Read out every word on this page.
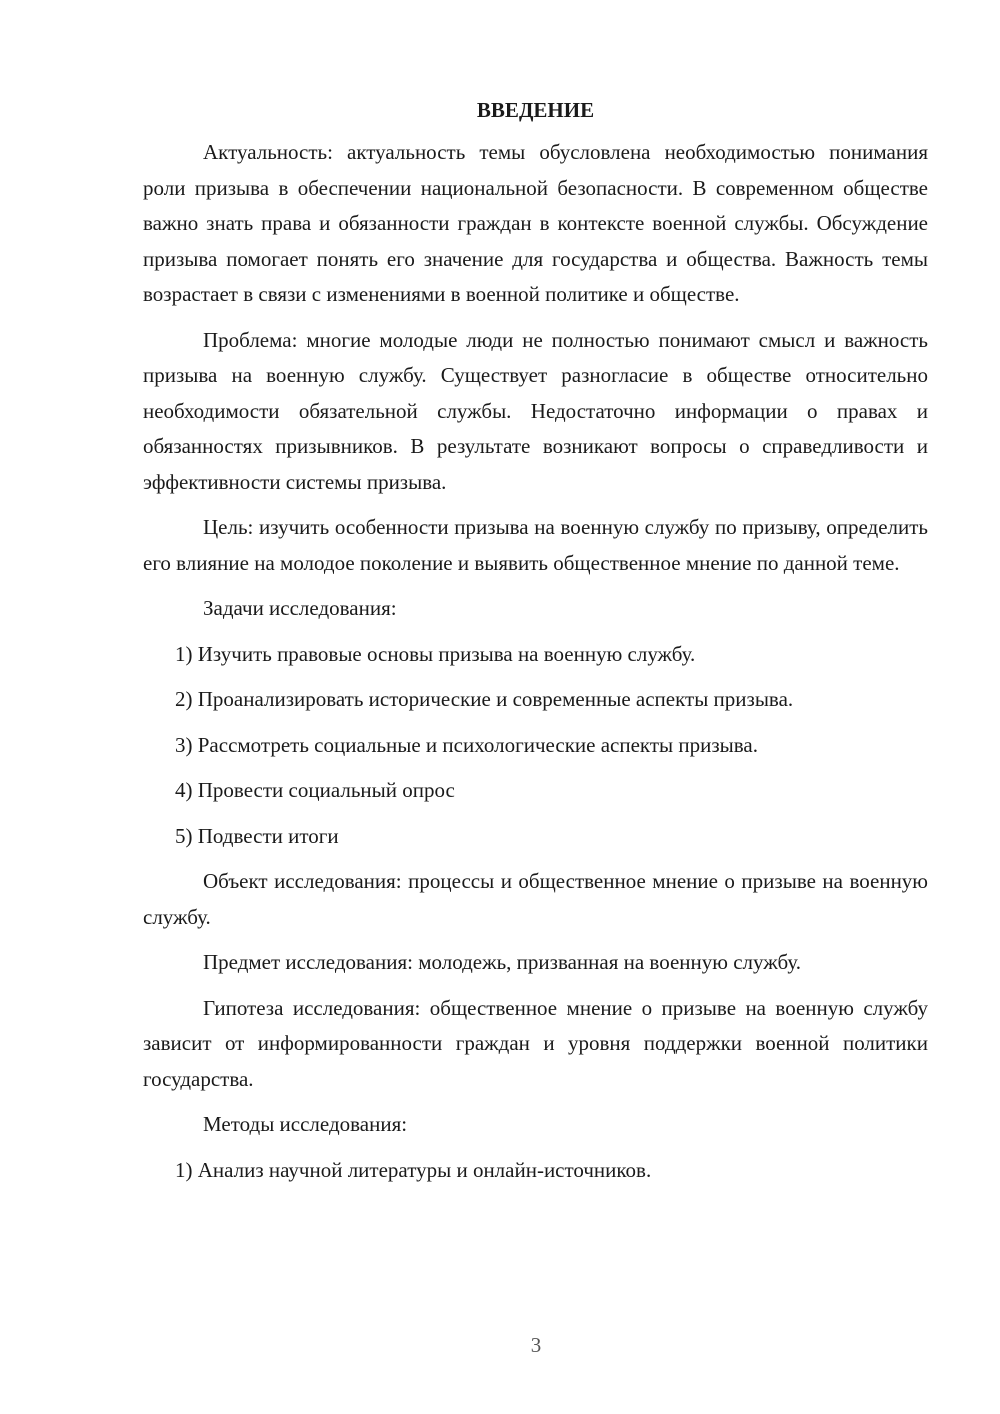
ВВЕДЕНИЕ
Актуальность: актуальность темы обусловлена необходимостью понимания роли призыва в обеспечении национальной безопасности. В современном обществе важно знать права и обязанности граждан в контексте военной службы. Обсуждение призыва помогает понять его значение для государства и общества. Важность темы возрастает в связи с изменениями в военной политике и обществе.
Проблема: многие молодые люди не полностью понимают смысл и важность призыва на военную службу. Существует разногласие в обществе относительно необходимости обязательной службы. Недостаточно информации о правах и обязанностях призывников. В результате возникают вопросы о справедливости и эффективности системы призыва.
Цель: изучить особенности призыва на военную службу по призыву, определить его влияние на молодое поколение и выявить общественное мнение по данной теме.
Задачи исследования:
1) Изучить правовые основы призыва на военную службу.
2) Проанализировать исторические и современные аспекты призыва.
3) Рассмотреть социальные и психологические аспекты призыва.
4) Провести социальный опрос
5) Подвести итоги
Объект исследования: процессы и общественное мнение о призыве на военную службу.
Предмет исследования: молодежь, призванная на военную службу.
Гипотеза исследования: общественное мнение о призыве на военную службу зависит от информированности граждан и уровня поддержки военной политики государства.
Методы исследования:
1) Анализ научной литературы и онлайн-источников.
3
